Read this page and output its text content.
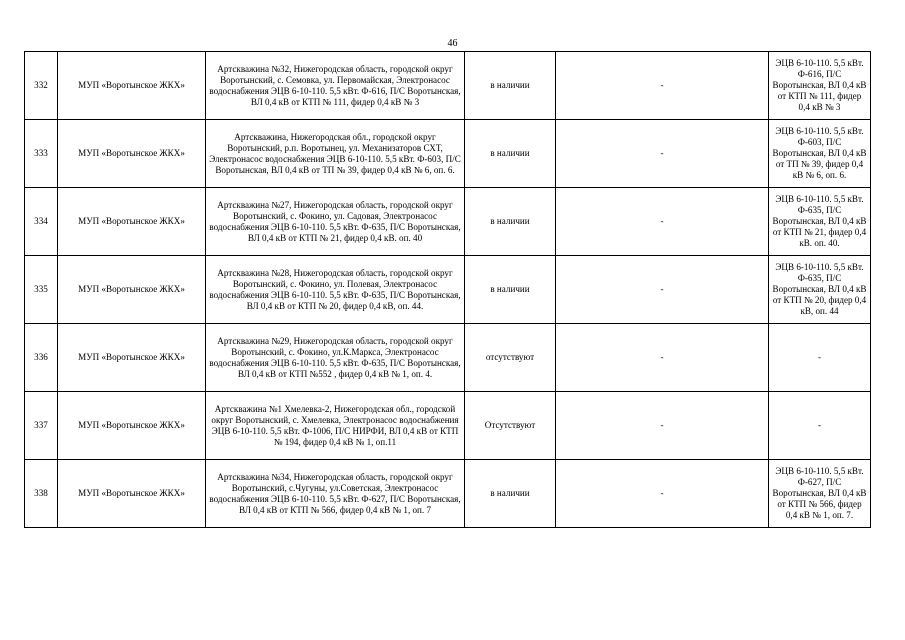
46
332	МУП «Воротынское ЖКХ»	Артскважина №32, Нижегородская область, городской округ Воротынский, с. Семовка, ул. Первомайская, Электронасос водоснабжения ЭЦВ 6-10-110. 5,5 кВт. Ф-616, П/С Воротынская, ВЛ 0,4 кВ от КТП № 111, фидер 0,4 кВ № 3	в наличии	-	ЭЦВ 6-10-110. 5,5 кВт. Ф-616, П/С Воротынская, ВЛ 0,4 кВ от КТП № 111, фидер 0,4 кВ № 3
333	МУП «Воротынское ЖКХ»	Артскважина, Нижегородская обл., городской округ Воротынский, р.п. Воротынец, ул. Механизаторов СХТ, Электронасос водоснабжения ЭЦВ 6-10-110. 5,5 кВт. Ф-603, П/С Воротынская, ВЛ 0,4 кВ от ТП № 39, фидер 0,4 кВ № 6, оп. 6.	в наличии	-	ЭЦВ 6-10-110. 5,5 кВт. Ф-603, П/С Воротынская, ВЛ 0,4 кВ от ТП № 39, фидер 0,4 кВ № 6, оп. 6.
334	МУП «Воротынское ЖКХ»	Артскважина №27, Нижегородская область, городской округ Воротынский, с. Фокино, ул. Садовая, Электронасос водоснабжения ЭЦВ 6-10-110. 5,5 кВт. Ф-635, П/С Воротынская, ВЛ 0,4 кВ от КТП № 21, фидер 0,4 кВ. оп. 40	в наличии	-	ЭЦВ 6-10-110. 5,5 кВт. Ф-635, П/С Воротынская, ВЛ 0,4 кВ от КТП № 21, фидер 0,4 кВ. оп. 40.
335	МУП «Воротынское ЖКХ»	Артскважина №28, Нижегородская область, городской округ Воротынский, с. Фокино, ул. Полевая, Электронасос водоснабжения ЭЦВ 6-10-110. 5,5 кВт. Ф-635, П/С Воротынская, ВЛ 0,4 кВ от КТП № 20, фидер 0,4 кВ, оп. 44.	в наличии	-	ЭЦВ 6-10-110. 5,5 кВт. Ф-635, П/С Воротынская, ВЛ 0,4 кВ от КТП № 20, фидер 0,4 кВ, оп. 44
336	МУП «Воротынское ЖКХ»	Артскважина №29, Нижегородская область, городской округ Воротынский, с. Фокино, ул.К.Маркса, Электронасос водоснабжения ЭЦВ 6-10-110. 5,5 кВт. Ф-635, П/С Воротынская, ВЛ 0,4 кВ от КТП №552 , фидер 0,4 кВ № 1, оп. 4.	отсутствуют	-	-
337	МУП «Воротынское ЖКХ»	Артскважина №1 Хмелевка-2, Нижегородская обл., городской округ Воротынский, с. Хмелевка, Электронасос водоснабжения ЭЦВ 6-10-110. 5,5 кВт. Ф-1006, П/С НИРФИ, ВЛ 0,4 кВ от КТП № 194, фидер 0,4 кВ № 1, оп.11	Отсутствуют	-	-
338	МУП «Воротынское ЖКХ»	Артскважина №34, Нижегородская область, городской округ Воротынский, с.Чугуны, ул.Советская, Электронасос водоснабжения ЭЦВ 6-10-110. 5,5 кВт. Ф-627, П/С Воротынская, ВЛ 0,4 кВ от КТП № 566, фидер 0,4 кВ № 1, оп. 7	в наличии	-	ЭЦВ 6-10-110. 5,5 кВт. Ф-627, П/С Воротынская, ВЛ 0,4 кВ от КТП № 566, фидер 0,4 кВ № 1, оп. 7.
